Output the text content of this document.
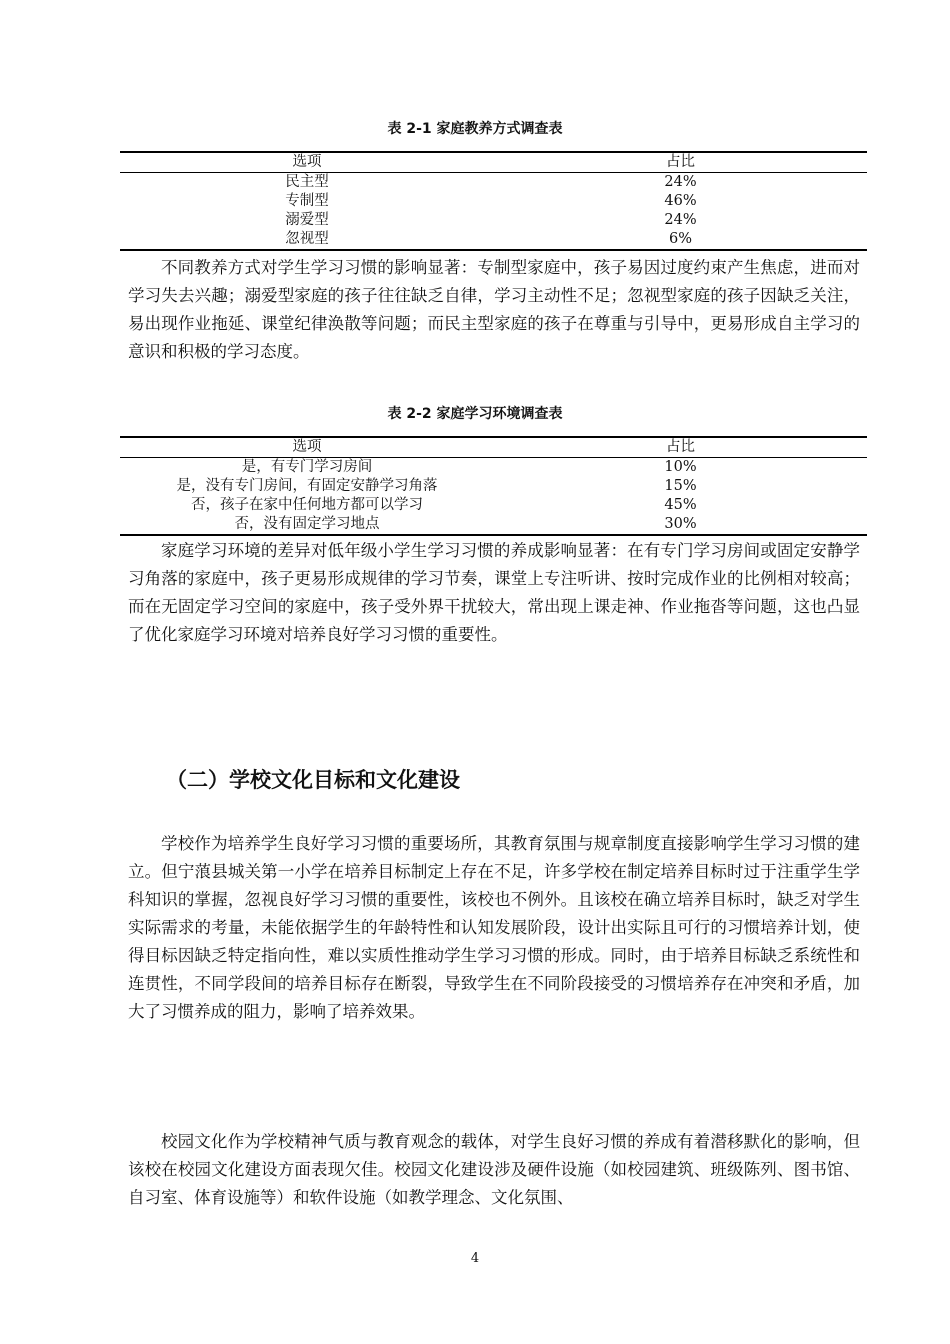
表 2-1 家庭教养方式调查表
选项	占比
民主型	24%
专制型	46%
溺爱型	24%
忽视型	6%

不同教养方式对学生学习习惯的影响显著：专制型家庭中，孩子易因过度约束产生焦虑，进而对学习失去兴趣；溺爱型家庭的孩子往往缺乏自律，学习主动性不足；忽视型家庭的孩子因缺乏关注，易出现作业拖延、课堂纪律涣散等问题；而民主型家庭的孩子在尊重与引导中，更易形成自主学习的意识和积极的学习态度。

表 2-2 家庭学习环境调查表
选项	占比
是，有专门学习房间	10%
是，没有专门房间，有固定安静学习角落	15%
否，孩子在家中任何地方都可以学习	45%
否，没有固定学习地点	30%

家庭学习环境的差异对低年级小学生学习习惯的养成影响显著：在有专门学习房间或固定安静学习角落的家庭中，孩子更易形成规律的学习节奏，课堂上专注听讲、按时完成作业的比例相对较高；而在无固定学习空间的家庭中，孩子受外界干扰较大，常出现上课走神、作业拖沓等问题，这也凸显了优化家庭学习环境对培养良好学习习惯的重要性。

（二）学校文化目标和文化建设

学校作为培养学生良好学习习惯的重要场所，其教育氛围与规章制度直接影响学生学习习惯的建立。但宁蒗县城关第一小学在培养目标制定上存在不足，许多学校在制定培养目标时过于注重学生学科知识的掌握，忽视良好学习习惯的重要性，该校也不例外。且该校在确立培养目标时，缺乏对学生实际需求的考量，未能依据学生的年龄特性和认知发展阶段，设计出实际且可行的习惯培养计划，使得目标因缺乏特定指向性，难以实质性推动学生学习习惯的形成。同时，由于培养目标缺乏系统性和连贯性，不同学段间的培养目标存在断裂，导致学生在不同阶段接受的习惯培养存在冲突和矛盾，加大了习惯养成的阻力，影响了培养效果。

校园文化作为学校精神气质与教育观念的载体，对学生良好习惯的养成有着潜移默化的影响，但该校在校园文化建设方面表现欠佳。校园文化建设涉及硬件设施（如校园建筑、班级陈列、图书馆、自习室、体育设施等）和软件设施（如教学理念、文化氛围、

4
